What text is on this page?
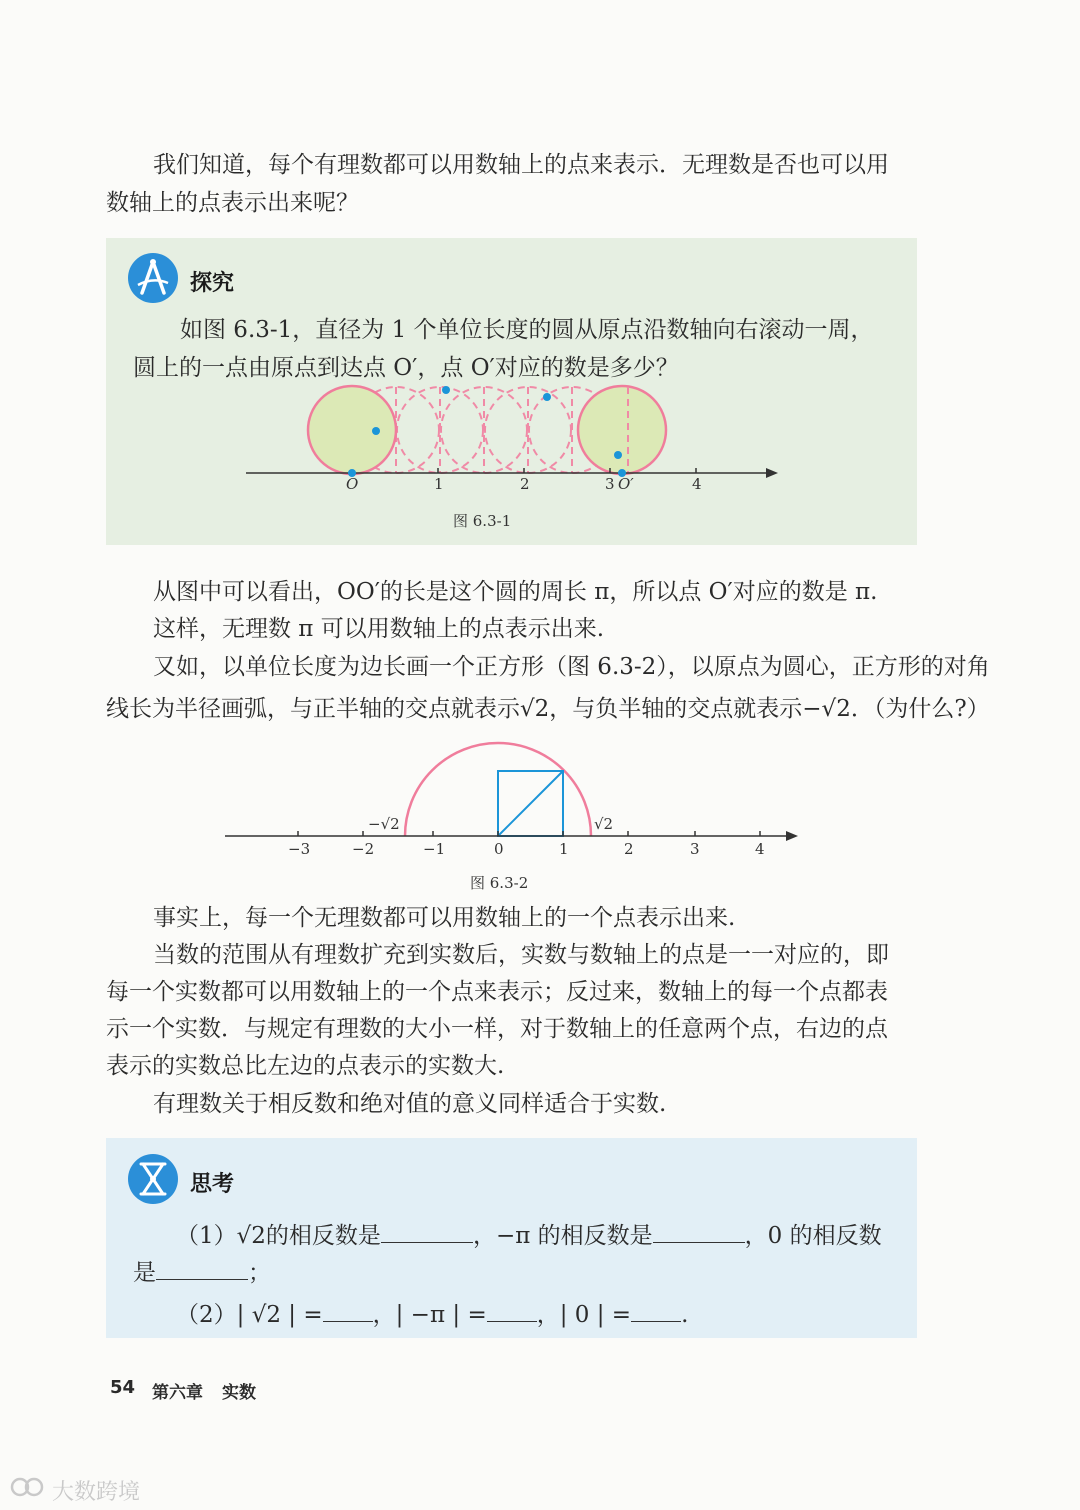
我们知道，每个有理数都可以用数轴上的点来表示．无理数是否也可以用
数轴上的点表示出来呢？
探究
如图 6.3-1，直径为 1 个单位长度的圆从原点沿数轴向右滚动一周，
圆上的一点由原点到达点 O′，点 O′对应的数是多少？
O	1	2	3 O′	4
图 6.3-1
从图中可以看出，OO′的长是这个圆的周长 π，所以点 O′对应的数是 π.
这样，无理数 π 可以用数轴上的点表示出来.
又如，以单位长度为边长画一个正方形（图 6.3-2），以原点为圆心，正方形的对角
线长为半径画弧，与正半轴的交点就表示√2，与负半轴的交点就表示−√2．（为什么?）
−3	−2	−1	0	1	2	3	4
−√2	√2
图 6.3-2
事实上，每一个无理数都可以用数轴上的一个点表示出来.
当数的范围从有理数扩充到实数后，实数与数轴上的点是一一对应的，即
每一个实数都可以用数轴上的一个点来表示；反过来，数轴上的每一个点都表
示一个实数．与规定有理数的大小一样，对于数轴上的任意两个点，右边的点
表示的实数总比左边的点表示的实数大.
有理数关于相反数和绝对值的意义同样适合于实数.
思考
（1）√2的相反数是	，−π 的相反数是	，0 的相反数
是	；
（2）| √2 | = ，| −π | = ，| 0 | = .
54 第六章 实数
大数跨境
